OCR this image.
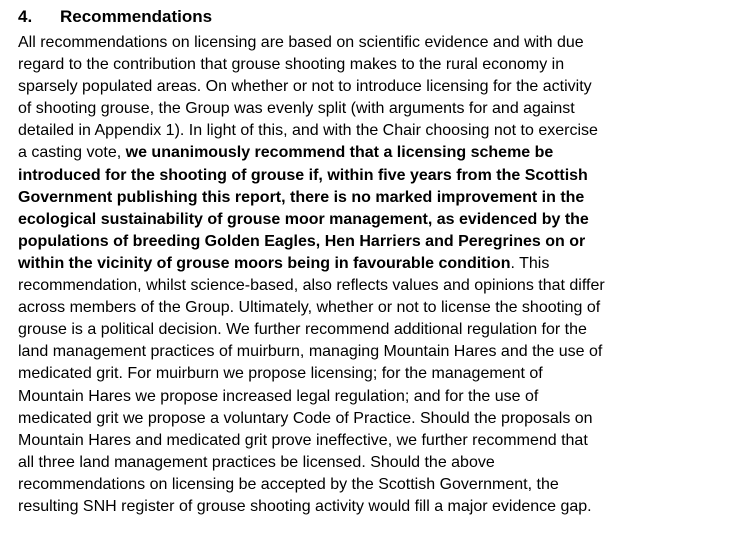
4. Recommendations
All recommendations on licensing are based on scientific evidence and with due
regard to the contribution that grouse shooting makes to the rural economy in
sparsely populated areas. On whether or not to introduce licensing for the activity
of shooting grouse, the Group was evenly split (with arguments for and against
detailed in Appendix 1). In light of this, and with the Chair choosing not to exercise
a casting vote, we unanimously recommend that a licensing scheme be
introduced for the shooting of grouse if, within five years from the Scottish
Government publishing this report, there is no marked improvement in the
ecological sustainability of grouse moor management, as evidenced by the
populations of breeding Golden Eagles, Hen Harriers and Peregrines on or
within the vicinity of grouse moors being in favourable condition. This
recommendation, whilst science-based, also reflects values and opinions that differ
across members of the Group. Ultimately, whether or not to license the shooting of
grouse is a political decision. We further recommend additional regulation for the
land management practices of muirburn, managing Mountain Hares and the use of
medicated grit. For muirburn we propose licensing; for the management of
Mountain Hares we propose increased legal regulation; and for the use of
medicated grit we propose a voluntary Code of Practice. Should the proposals on
Mountain Hares and medicated grit prove ineffective, we further recommend that
all three land management practices be licensed. Should the above
recommendations on licensing be accepted by the Scottish Government, the
resulting SNH register of grouse shooting activity would fill a major evidence gap.
